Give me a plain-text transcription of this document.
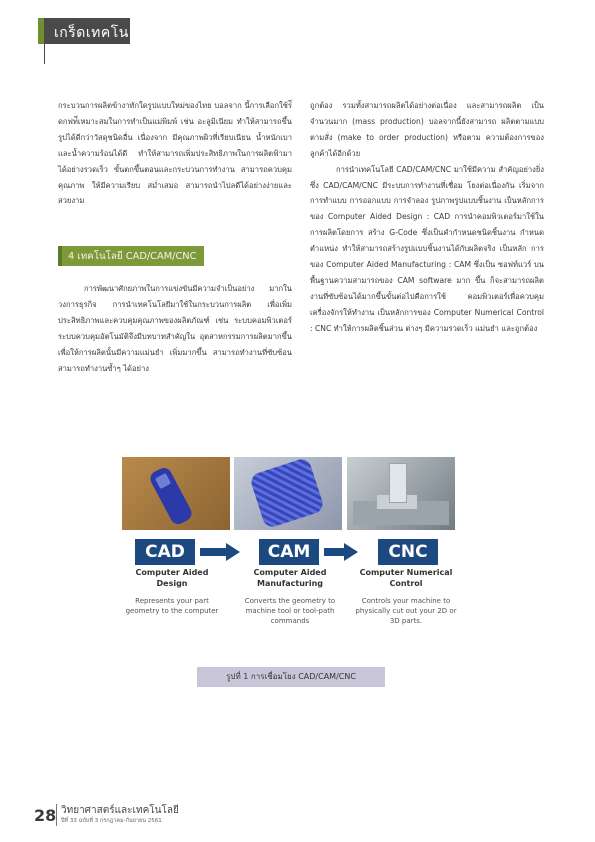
เกร็ดเทคโน

กระบวนการผลิตข้างาทักใดรูปแบบใหม่ของไทย บอลจาก นี้การเลือกใช้ร่ีดกฟท่ีเหมาะสมในการทำเป็นแม่พิมพ์ เช่น อะลูมิเนียม ทำให้สามารถขึ้นรูปได้ดีกว่าวัสดุชนิดอื่น เนื่องจาก มีคุณภาพผิวที่เรียบเนียน น้ำหนักเบา และน้ำความร้อนได้ดี ทำให้สามารถเพิ่มประสิทธิภาพในการผลิตฟ้ามาได้อย่างรวดเร็ว ขั้นตกขึ้นตอนและกระบวนการทำงาน สามารถควบคุมคุณภาพ ให้มีความเรียบ สม่ำเสมอ สามารถนำไปลดีได้อย่างง่ายและ สวยงาม

4 เทคโนโลยี CAD/CAM/CNC

การพัฒนาศักยภาพในการแข่งขันมีความจำเป็นอย่าง มากในวงการธุรกิจ การนำเทคโนโลยีมาใช้ในกระบวนการผลิต เพื่อเพิ่มประสิทธิภาพและควบคุมคุณภาพของผลิตภัณฑ์ เช่น ระบบคอมพิวเตอร์ ระบบควบคุมอัตโนมัติจึงมีบทบาทสำคัญใน อุตสาหกรรมการผลิตมากขึ้น เพื่อให้การผลิตนั้นมีความแม่นยำ เพิ่มมากขึ้น สามารถทำงานที่ซับซ้อน สามารถทำงานซ้ำๆ ได้อย่าง

ถูกต้อง รวมทั้งสามารถผลิตได้อย่างต่อเนื่อง และสามารถผลิต เป็นจำนวนมาก (mass production) บอลจากนี้ยังสามารถ ผลิตตามแบบตามสั่ง (make to order production) หรือตาม ความต้องการของลูกค้าได้อีกด้วย

การนำเทคโนโลยี CAD/CAM/CNC มาใช้มีความ สำคัญอย่างยิ่ง ซึ่ง CAD/CAM/CNC มีระบบการทำงานที่เชื่อม โยงต่อเนื่องกัน เริ่มจากการทำแบบ การออกแบบ การจำลอง รูปภาพรูปแบบชิ้นงาน เป็นหลักการของ Computer Aided Design : CAD การนำคอมพิวเตอร์มาใช้ในการผลิตโดยการ สร้าง G-Code ซึ่งเป็นคำกำหนดชนิดชิ้นงาน กำหนดตำแหน่ง ทำให้สามารถสร้างรูปแบบชิ้นงานได้กับผลิตจริง เป็นหลัก การของ Computer Aided Manufacturing : CAM ซึ่งเป็น ซอฟท์แวร์ บนพื้นฐานความสามารถของ CAM software มาก ขึ้น ก็จะสามารถผลิตงานที่ซับซ้อนได้มากขึ้นขั้นต่อไปคือการใช้ คอมพิวเตอร์เพื่อควบคุมเครื่องจักรให้ทำงาน เป็นหลักการของ Computer Numerical Control : CNC ทำให้การผลิตชิ้นส่วน ต่างๆ มีความรวดเร็ว แม่นยำ และถูกต้อง

CAD	CAM	CNC
Computer Aided Design
Computer Aided Manufacturing
Computer Numerical Control
Represents your part geometry to the computer
Converts the geometry to machine tool or tool-path commands
Controls your machine to physically cut out your 2D or 3D parts.
รูปที่ 1 การเชื่อมโยง CAD/CAM/CNC
28 วิทยาศาสตร์และเทคโนโลยี
ปีที่ 33 ฉบับที่ 3 กรกฎาคม-กันยายน 2561
